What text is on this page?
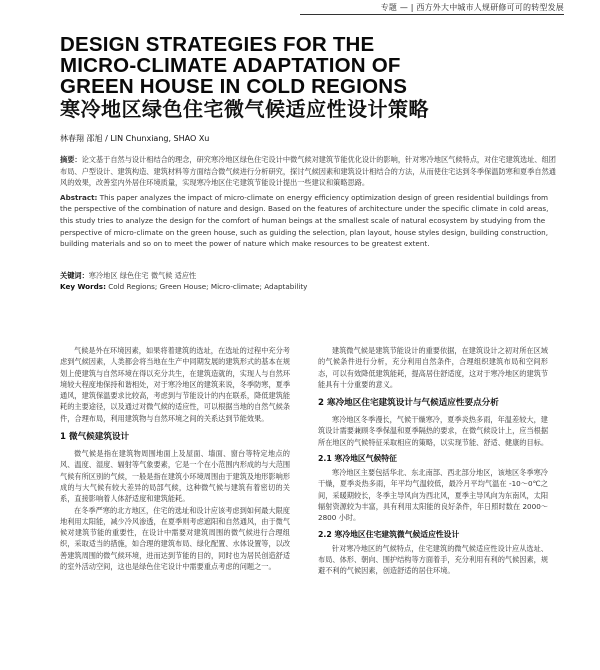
专题 — | 西方外大中城市人规研修可可的转型发展

DESIGN STRATEGIES FOR THE

MICRO-CLIMATE ADAPTATION OF

GREEN HOUSE IN COLD REGIONS

寒冷地区绿色住宅微气候适应性设计策略

林春翔 邵旭 / LIN Chunxiang, SHAO Xu

摘要：论文基于自然与设计相结合的理念，研究寒冷地区绿色住宅设计中微气候对建筑节能优化设计的影响，针对寒冷地区气候特点，对住宅建筑选址、组团布局、户型设计、建筑构造、建筑材料等方面结合微气候进行分析研究，探讨气候因素和建筑设计相结合的方法，从而使住宅达到冬季保温防寒和夏季自然通风的效果，改善室内外居住环境质量，实现寒冷地区住宅建筑节能设计提出一些建议和策略思路。

Abstract: This paper analyzes the impact of micro-climate on energy efficiency optimization design of green residential buildings from the perspective of the combination of nature and design. Based on the features of architecture under the specific climate in cold areas, this study tries to analyze the design for the comfort of human beings at the smallest scale of natural ecosystem by studying from the perspective of micro-climate on the green house, such as guiding the selection, plan layout, house styles design, building construction, building materials and so on to meet the power of nature which make resources to be greatest extent.

关键词：寒冷地区 绿色住宅 微气候 适应性

Key Words: Cold Regions; Green House; Micro-climate; Adaptability

气候是外在环境因素，如果将着建筑的选址，在选址的过程中充分考虑到气候因素，人类都会将当地在生产中同期发展的建筑形式的基本在规划上使建筑与自然环境在得以充分共生，在建筑造就的，实现人与自然环境较大程度地保持和谐相处，对于寒冷地区的建筑来说，冬季防寒，夏季通风，建筑保温要求比较高，考虑到与节能设计的内在联系，降低建筑能耗的主要途径，以及通过对微气候的适应性，可以根据当地的自然气候条件，合理布局，利用建筑物与自然环境之间的关系达到节能效果。

1 微气候建筑设计

微气候是指在建筑物周围地面上及屋面、墙面、窗台等特定地点的风、温度、湿度、辐射等气象要素，它是一个在小范围内形成的与大范围气候有所区别的气候，一般是指在建筑小环境周围由于建筑及地形影响形成的与大气候有较大差异的局部气候，这种微气候与建筑有着密切的关系，直接影响着人体舒适度和建筑能耗。

在冬季严寒的北方地区，住宅的选址和设计应该考虑到如何最大限度地利用太阳能，减少冷风渗透，在夏季则考虑遮阳和自然通风，由于微气候对建筑节能的重要性，在设计中需要对建筑周围的微气候进行合理组织，采取适当的措施，如合理的建筑布局、绿化配置、水体设置等，以改善建筑周围的微气候环境，进而达到节能的目的，同时也为居民创造舒适的室外活动空间，这也是绿色住宅设计中需要重点考虑的问题之一。

建筑微气候是建筑节能设计的重要依据，在建筑设计之初对所在区域的气候条件进行分析，充分利用自然条件，合理组织建筑布局和空间形态，可以有效降低建筑能耗，提高居住舒适度，这对于寒冷地区的建筑节能具有十分重要的意义。

2 寒冷地区住宅建筑设计与气候适应性要点分析

寒冷地区冬季漫长，气候干燥寒冷，夏季炎热多雨，年温差较大，建筑设计需要兼顾冬季保温和夏季隔热的要求，在微气候设计上，应当根据所在地区的气候特征采取相应的策略，以实现节能、舒适、健康的目标。

2.1 寒冷地区气候特征

寒冷地区主要包括华北、东北南部、西北部分地区，该地区冬季寒冷干燥，夏季炎热多雨，年平均气温较低，最冷月平均气温在 -10～0℃之间，采暖期较长，冬季主导风向为西北风，夏季主导风向为东南风，太阳辐射资源较为丰富，具有利用太阳能的良好条件，年日照时数在 2000～2800 小时。

2.2 寒冷地区住宅建筑微气候适应性设计

针对寒冷地区的气候特点，住宅建筑的微气候适应性设计应从选址、布局、体形、朝向、围护结构等方面着手，充分利用有利的气候因素，规避不利的气候因素，创造舒适的居住环境。
